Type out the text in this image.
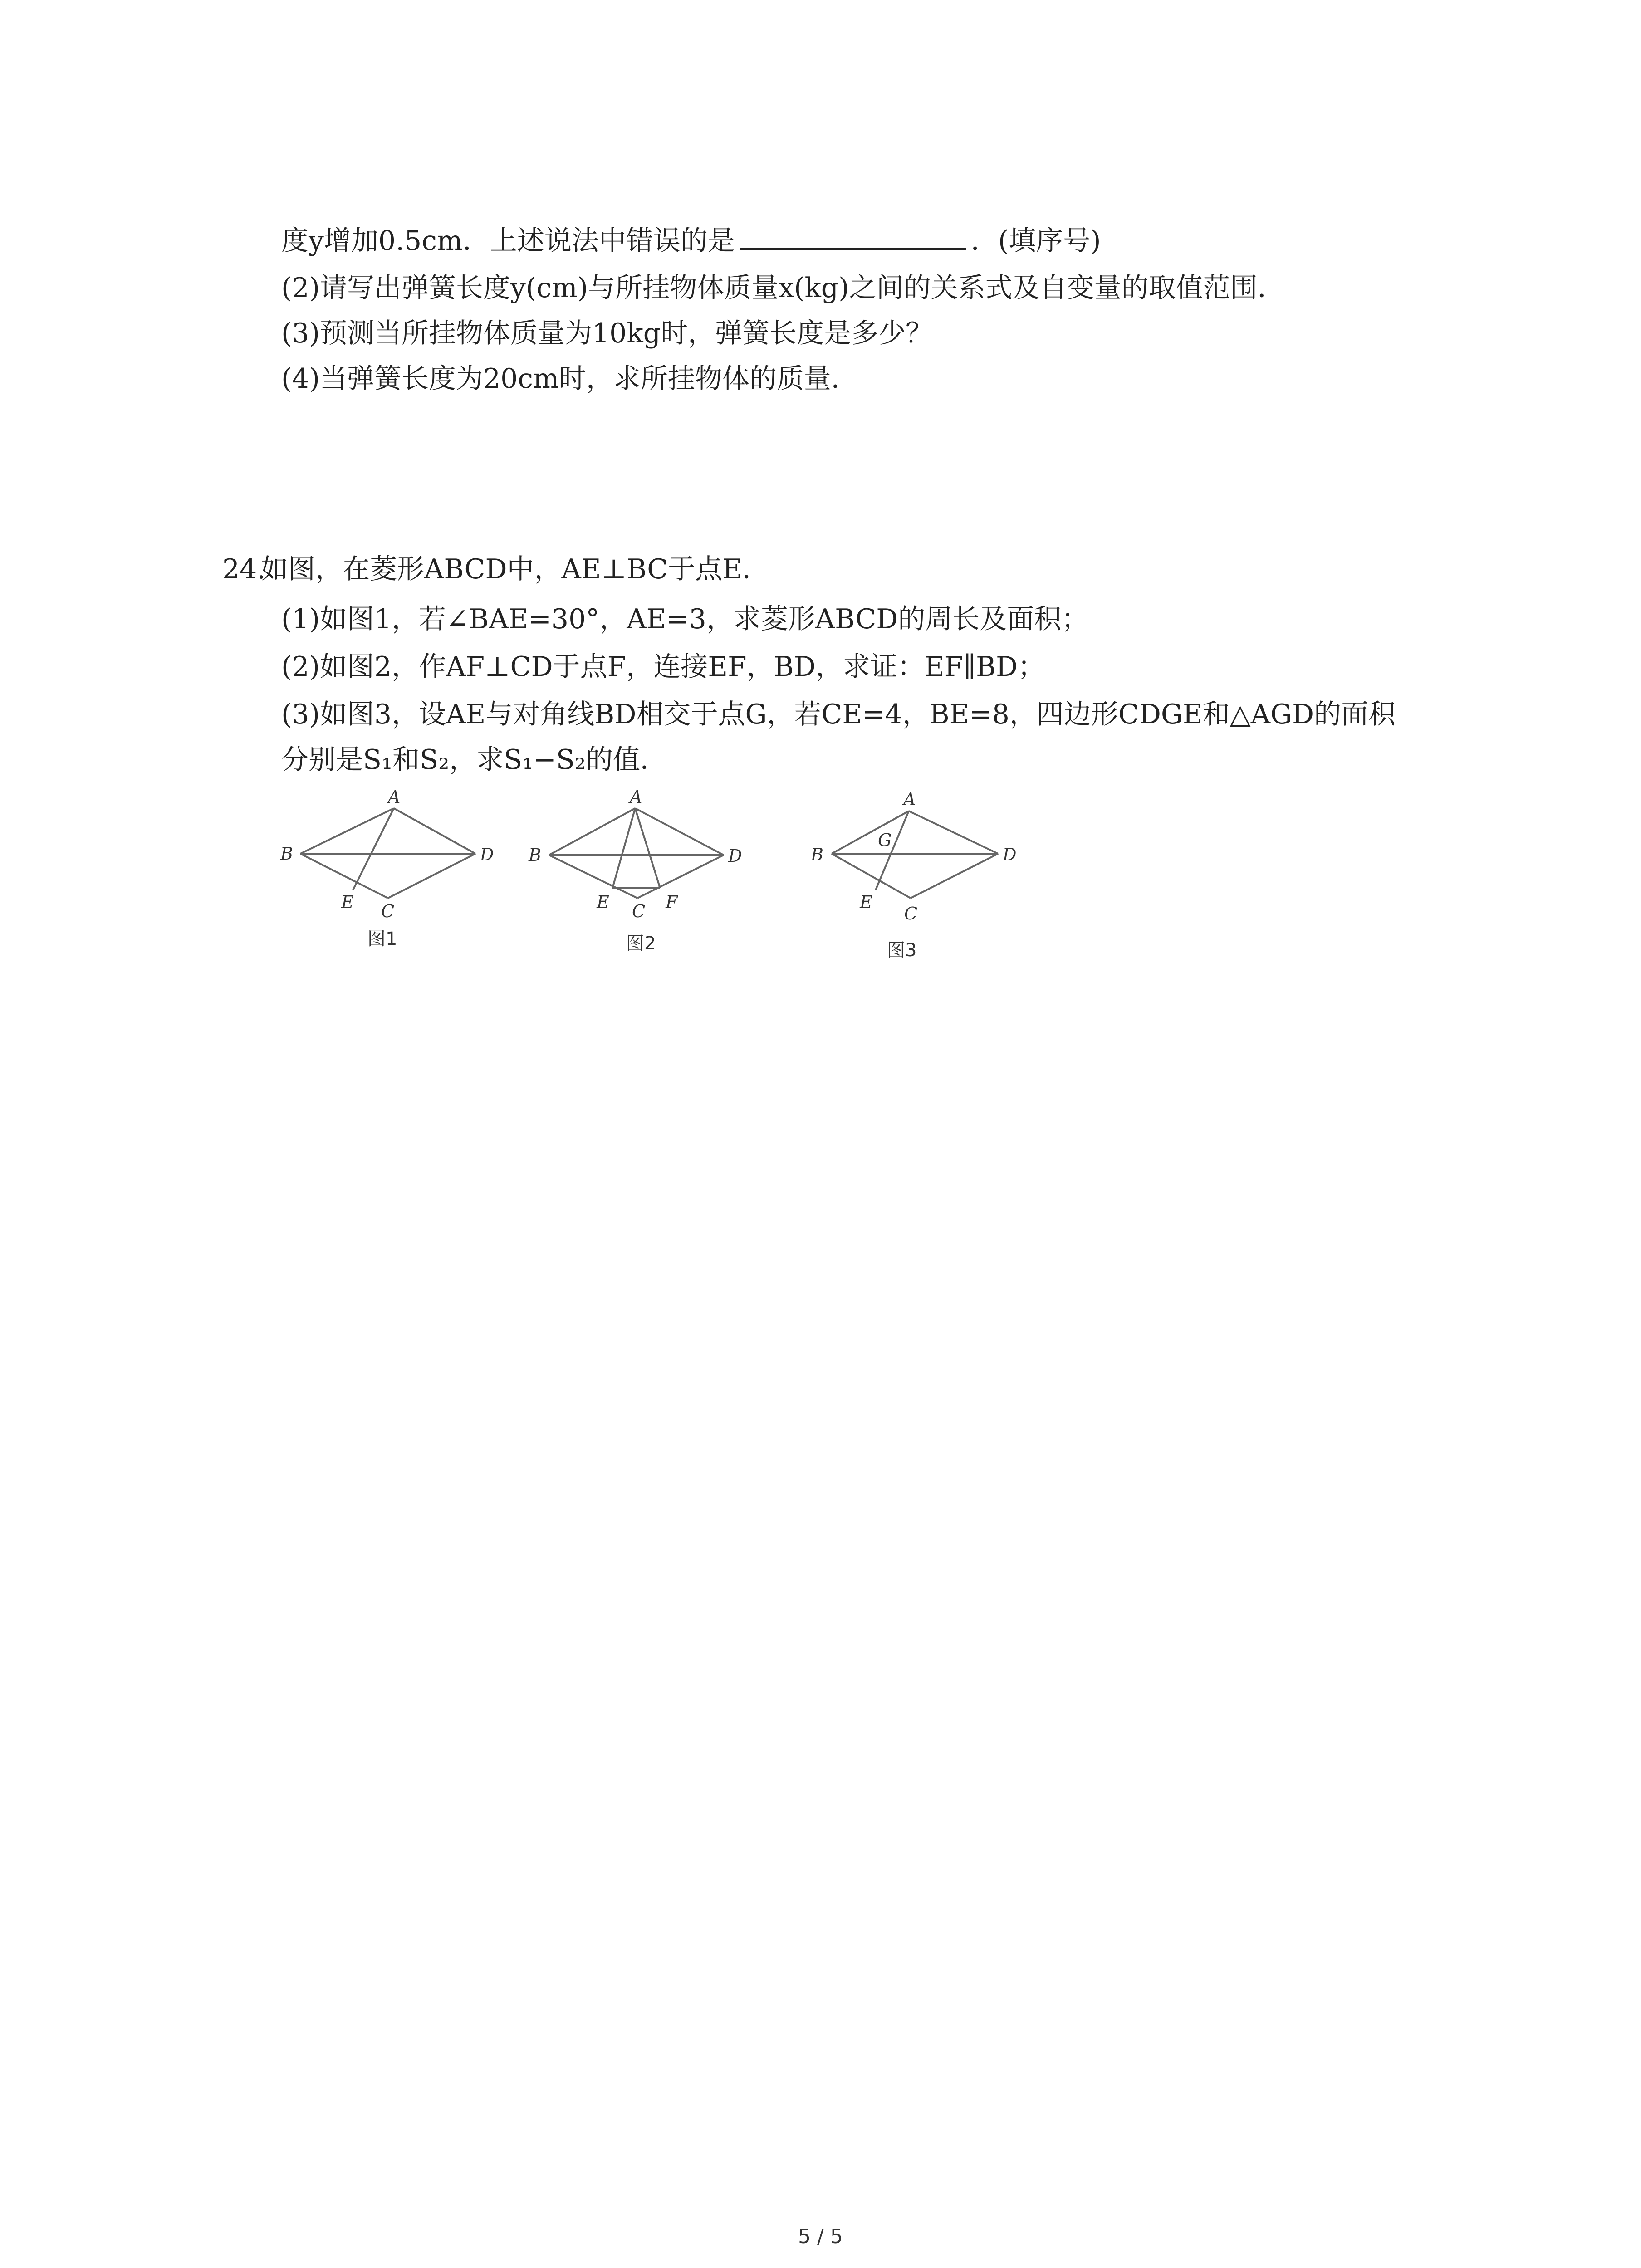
度y增加0.5cm．上述说法中错误的是	．(填序号)
(2)请写出弹簧长度y(cm)与所挂物体质量x(kg)之间的关系式及自变量的取值范围．
(3)预测当所挂物体质量为10kg时，弹簧长度是多少？
(4)当弹簧长度为20cm时，求所挂物体的质量．
24.
如图，在菱形ABCD中，AE⊥BC于点E．
(1)如图1，若∠BAE=30°，AE=3，求菱形ABCD的周长及面积；
(2)如图2，作AF⊥CD于点F，连接EF，BD，求证：EF∥BD；
(3)如图3，设AE与对角线BD相交于点G，若CE=4，BE=8，四边形CDGE和△AGD的面积
分别是S₁和S₂，求S₁−S₂的值．
A
B
C
D
E
图1
A
B
C
D
E	F
图2
A
B
C
D
E
G
图3
5 / 5
